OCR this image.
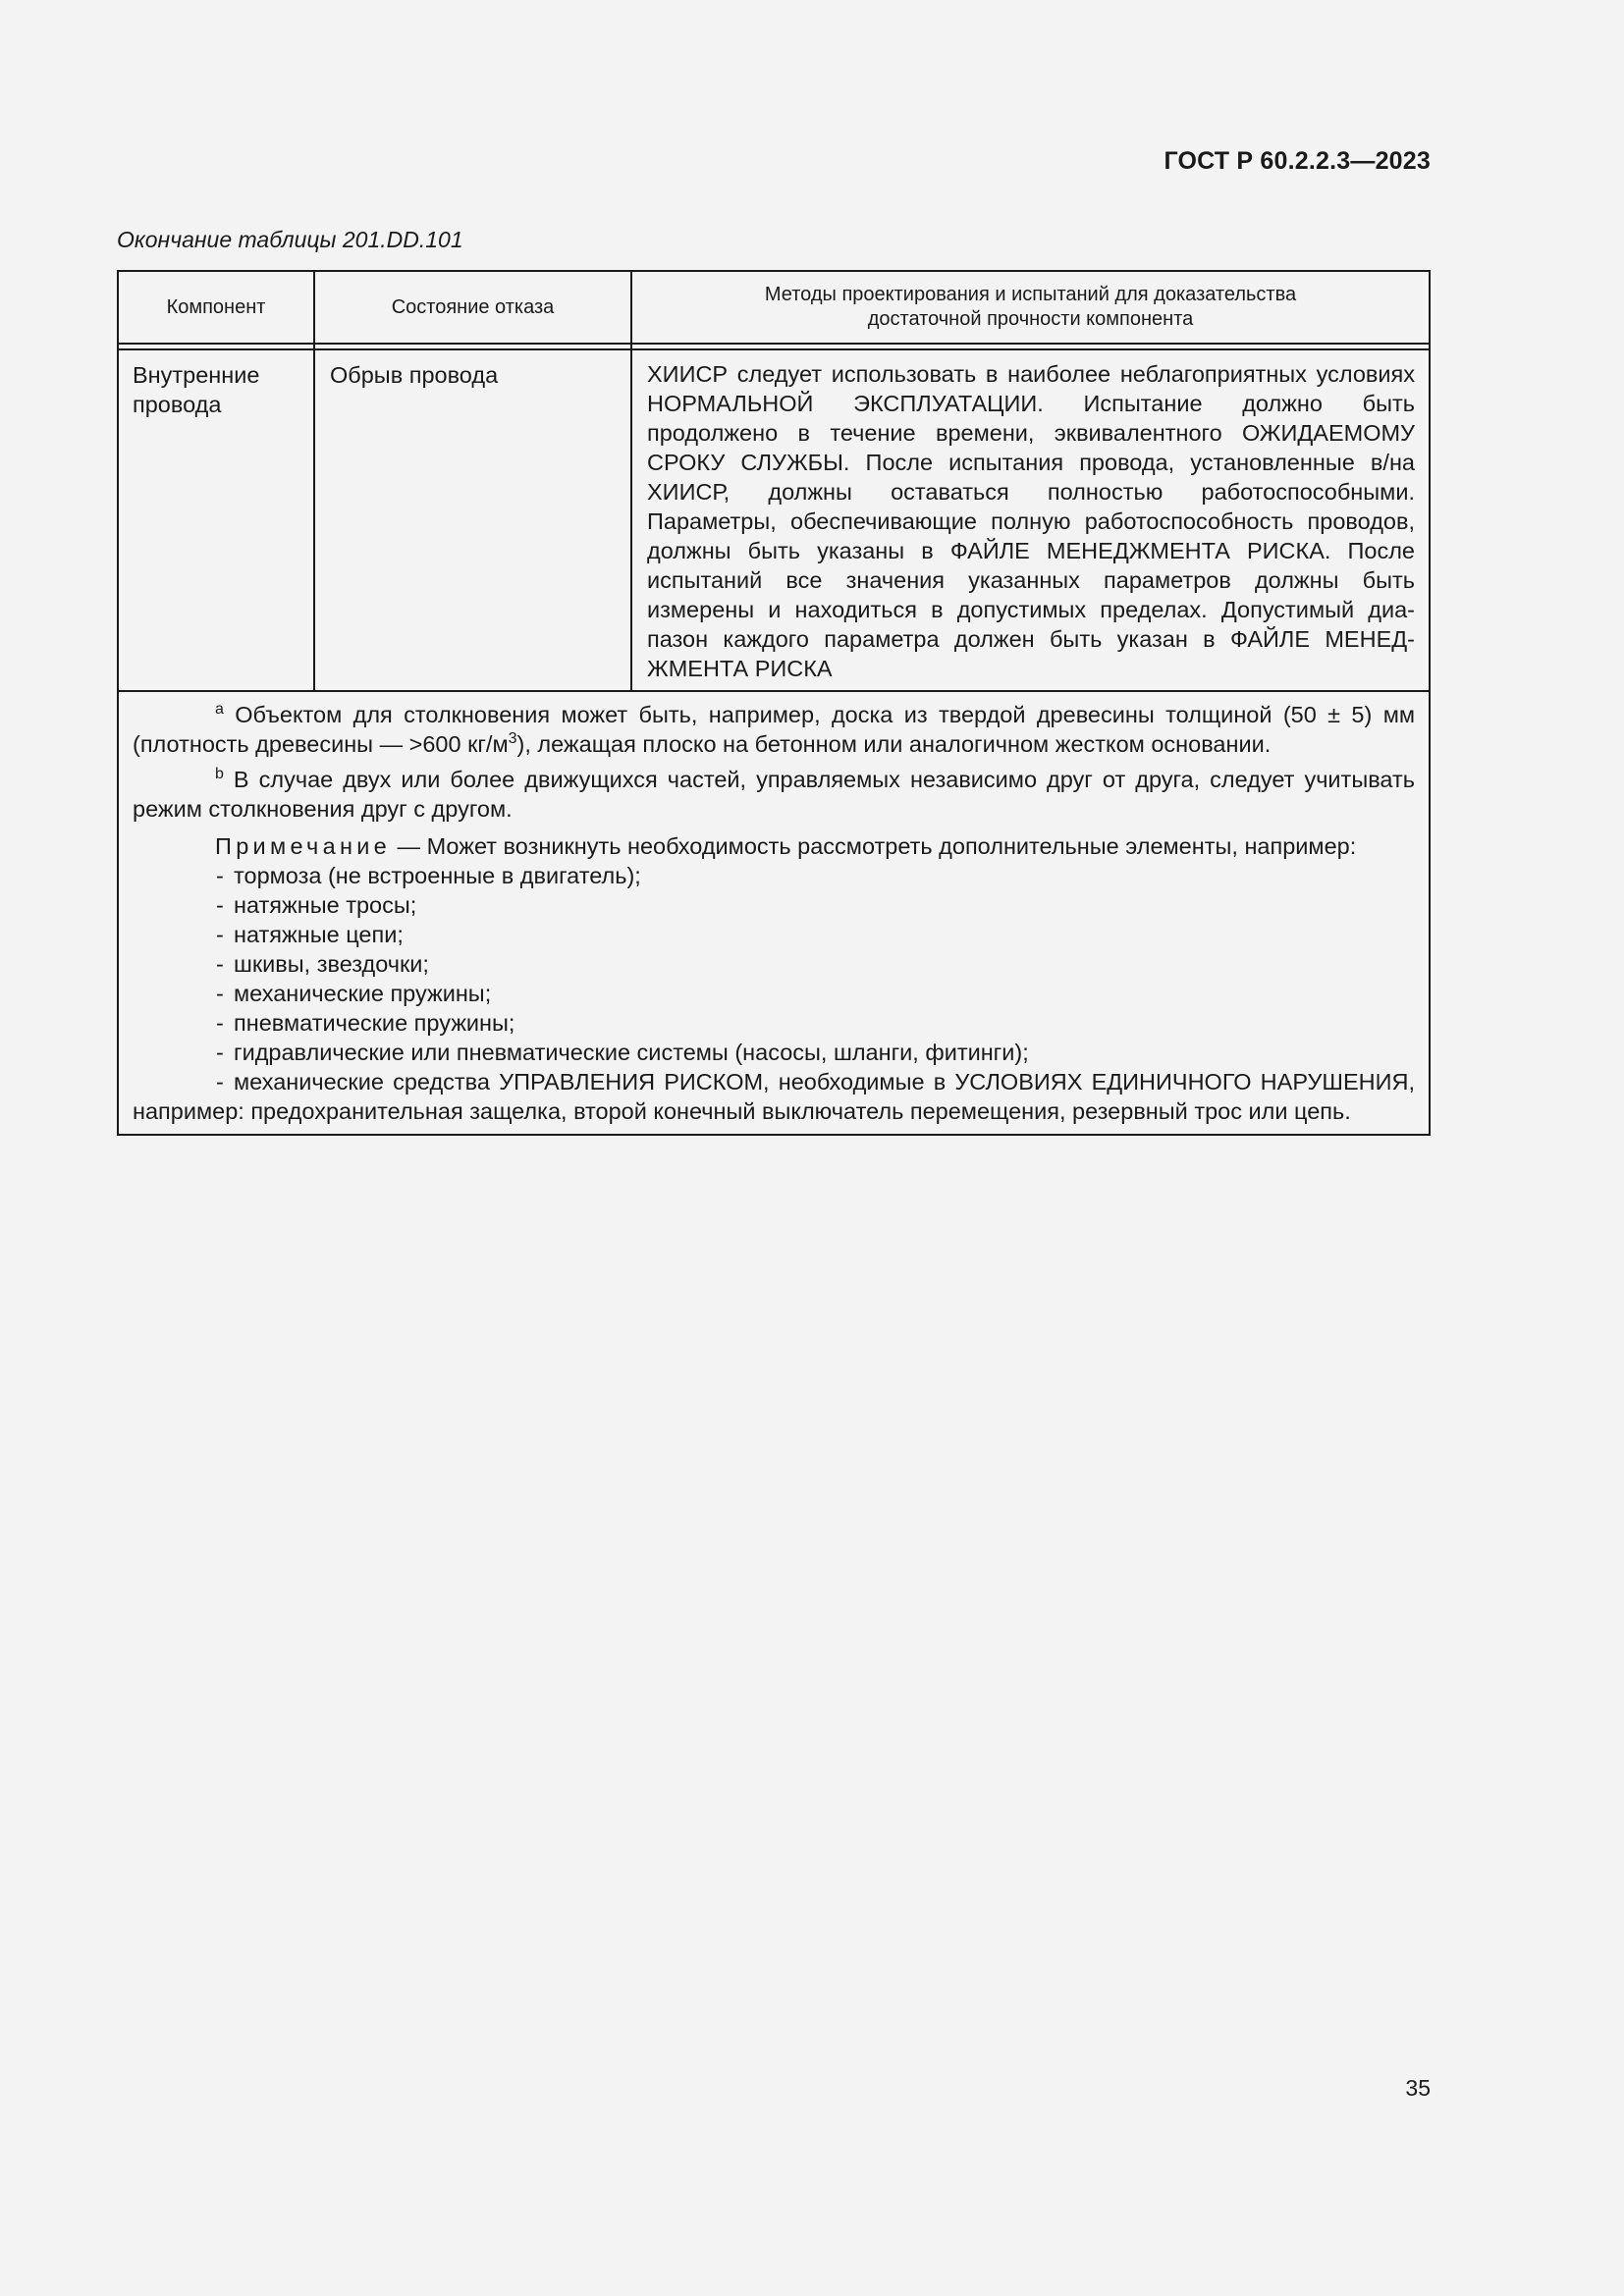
ГОСТ Р 60.2.2.3—2023
Окончание таблицы 201.DD.101
Компонент	Состояние отказа
Методы проектирования и испытаний для доказательства достаточной прочности компонента
Внутренние
провода
Обрыв провода	ХИИСР следует использовать в наиболее неблагоприятных условиях НОРМАЛЬНОЙ ЭКСПЛУАТАЦИИ. Испытание должно быть продолжено в течение времени, эквивалентного ОЖИДАЕМОМУ СРОКУ СЛУЖБЫ. После испытания провода, установленные в/на ХИИСР, должны оставаться полностью работоспособными. Параметры, обеспечивающие полную работоспособность проводов, должны быть указаны в ФАЙЛЕ МЕНЕДЖМЕНТА РИСКА. После испытаний все значения указанных параметров должны быть измерены и находиться в допустимых пределах. Допустимый диапазон каждого параметра должен быть указан в ФАЙЛЕ МЕНЕДЖМЕНТА РИСКА

$^a$ Объектом для столкновения может быть, например, доска из твердой древесины толщиной (50 ± 5) мм (плотность древесины — >600 $кг/м^3$), лежащая плоско на бетонном или аналогичном жестком основании.

$^b$ В случае двух или более движущихся частей, управляемых независимо друг от друга, следует учитывать режим столкновения друг с другом.

Примечание — Может возникнуть необходимость рассмотреть дополнительные элементы, например:

- тормоза (не встроенные в двигатель);
- натяжные тросы;
- натяжные цепи;
- шкивы, звездочки;
- механические пружины;
- пневматические пружины;
- гидравлические или пневматические системы (насосы, шланги, фитинги);
- механические средства УПРАВЛЕНИЯ РИСКОМ, необходимые в УСЛОВИЯХ ЕДИНИЧНОГО НАРУШЕНИЯ, например: предохранительная защелка, второй конечный выключатель перемещения, резервный трос или цепь.
35
